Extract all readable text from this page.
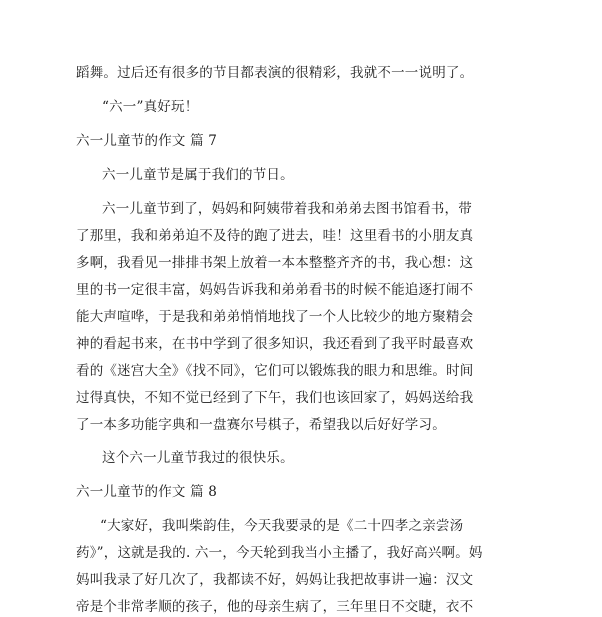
蹈舞。过后还有很多的节目都表演的很精彩，我就不一一说明了。
“六一”真好玩！
六一儿童节的作文 篇 7
六一儿童节是属于我们的节日。
六一儿童节到了，妈妈和阿姨带着我和弟弟去图书馆看书，带
了那里，我和弟弟迫不及待的跑了进去，哇！这里看书的小朋友真
多啊，我看见一排排书架上放着一本本整整齐齐的书，我心想：这
里的书一定很丰富，妈妈告诉我和弟弟看书的时候不能追逐打闹不
能大声喧哗，于是我和弟弟悄悄地找了一个人比较少的地方聚精会
神的看起书来，在书中学到了很多知识，我还看到了我平时最喜欢
看的《迷宫大全》《找不同》，它们可以锻炼我的眼力和思维。时间
过得真快，不知不觉已经到了下午，我们也该回家了，妈妈送给我
了一本多功能字典和一盘赛尔号棋子，希望我以后好好学习。
这个六一儿童节我过的很快乐。
六一儿童节的作文 篇 8
“大家好，我叫柴韵佳，今天我要录的是《二十四孝之亲尝汤
药》”，这就是我的. 六一，今天轮到我当小主播了，我好高兴啊。妈
妈叫我录了好几次了，我都读不好，妈妈让我把故事讲一遍：汉文
帝是个非常孝顺的孩子，他的母亲生病了，三年里日不交睫，衣不
